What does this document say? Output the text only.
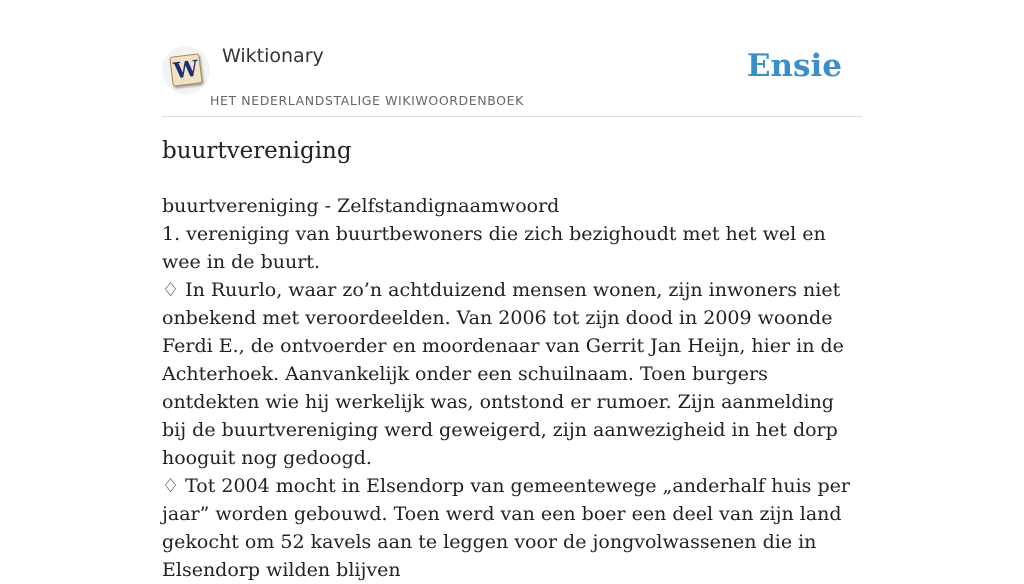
W Wiktionary
HET NEDERLANDSTALIGE WIKIWOORDENBOEK
Ensie
buurtvereniging

buurtvereniging - Zelfstandignaamwoord

1. vereniging van buurtbewoners die zich bezighoudt met het wel en wee in de buurt.

♢ In Ruurlo, waar zo’n achtduizend mensen wonen, zijn inwoners niet onbekend met veroordeelden. Van 2006 tot zijn dood in 2009 woonde Ferdi E., de ontvoerder en moordenaar van Gerrit Jan Heijn, hier in de Achterhoek. Aanvankelijk onder een schuilnaam. Toen burgers ontdekten wie hij werkelijk was, ontstond er rumoer. Zijn aanmelding bij de buurtvereniging werd geweigerd, zijn aanwezigheid in het dorp hooguit nog gedoogd.

♢ Tot 2004 mocht in Elsendorp van gemeentewege „anderhalf huis per jaar” worden gebouwd. Toen werd van een boer een deel van zijn land gekocht om 52 kavels aan te leggen voor de jongvolwassenen die in Elsendorp wilden blijven
